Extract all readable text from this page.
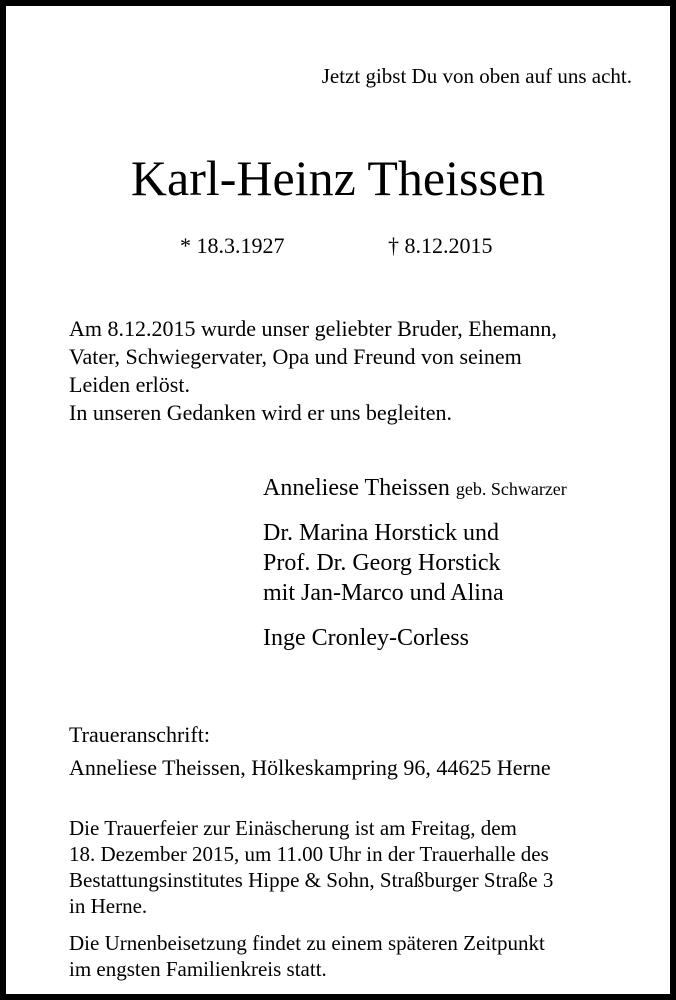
Jetzt gibst Du von oben auf uns acht.
Karl-Heinz Theissen
* 18.3.1927	† 8.12.2015
Am 8.12.2015 wurde unser geliebter Bruder, Ehemann,
Vater, Schwiegervater, Opa und Freund von seinem
Leiden erlöst.
In unseren Gedanken wird er uns begleiten.
Anneliese Theissen geb. Schwarzer
Dr. Marina Horstick und
Prof. Dr. Georg Horstick
mit Jan-Marco und Alina
Inge Cronley-Corless
Traueranschrift:
Anneliese Theissen, Hölkeskampring 96, 44625 Herne
Die Trauerfeier zur Einäscherung ist am Freitag, dem
18. Dezember 2015, um 11.00 Uhr in der Trauerhalle des
Bestattungsinstitutes Hippe & Sohn, Straßburger Straße 3
in Herne.
Die Urnenbeisetzung findet zu einem späteren Zeitpunkt
im engsten Familienkreis statt.
